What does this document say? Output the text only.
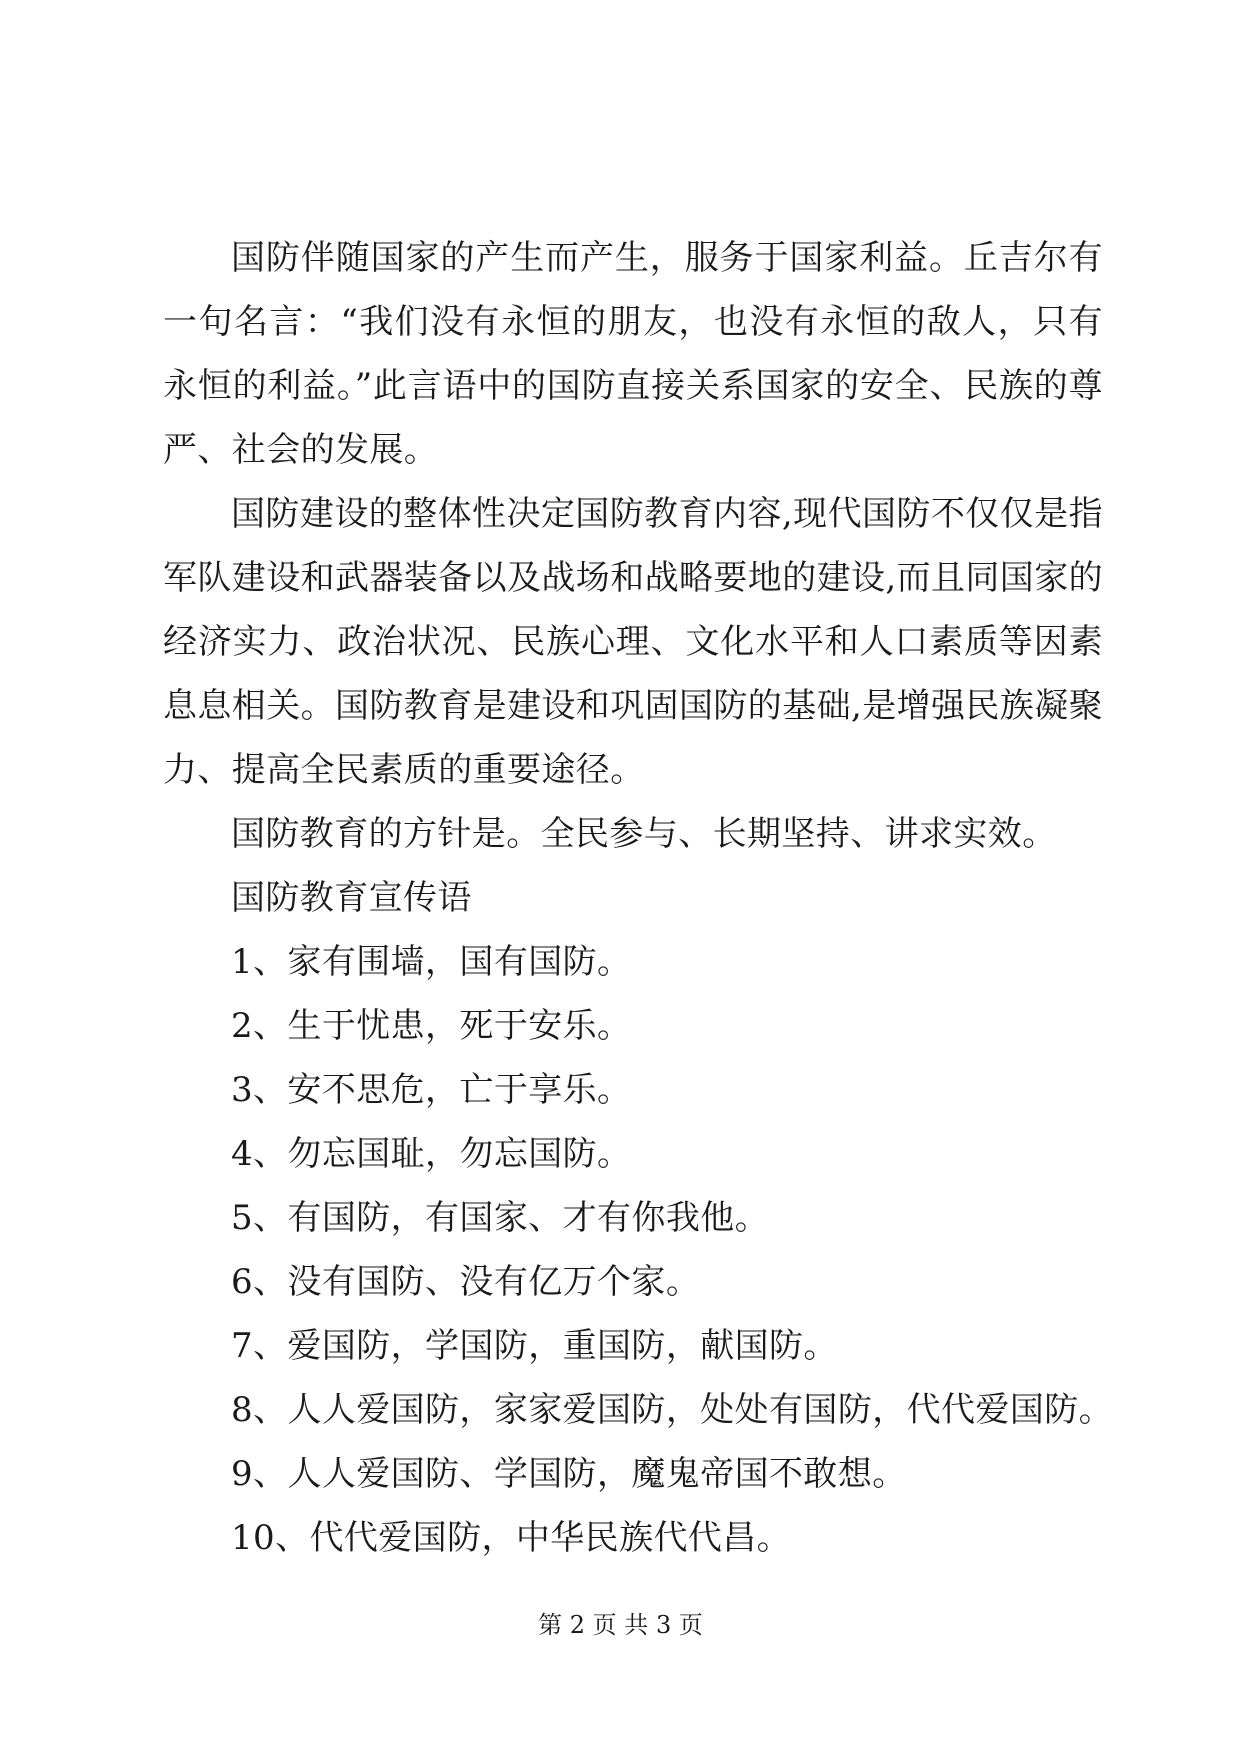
国防伴随国家的产生而产生，服务于国家利益。丘吉尔有一句名言：“我们没有永恒的朋友，也没有永恒的敌人，只有永恒的利益。”此言语中的国防直接关系国家的安全、民族的尊严、社会的发展。

国防建设的整体性决定国防教育内容,现代国防不仅仅是指军队建设和武器装备以及战场和战略要地的建设,而且同国家的经济实力、政治状况、民族心理、文化水平和人口素质等因素息息相关。国防教育是建设和巩固国防的基础,是增强民族凝聚力、提高全民素质的重要途径。

国防教育的方针是。全民参与、长期坚持、讲求实效。

国防教育宣传语

1、家有围墙，国有国防。
2、生于忧患，死于安乐。
3、安不思危，亡于享乐。
4、勿忘国耻，勿忘国防。
5、有国防，有国家、才有你我他。
6、没有国防、没有亿万个家。
7、爱国防，学国防，重国防，献国防。
8、人人爱国防，家家爱国防，处处有国防，代代爱国防。
9、人人爱国防、学国防，魔鬼帝国不敢想。
10、代代爱国防，中华民族代代昌。
第 2 页 共 3 页
